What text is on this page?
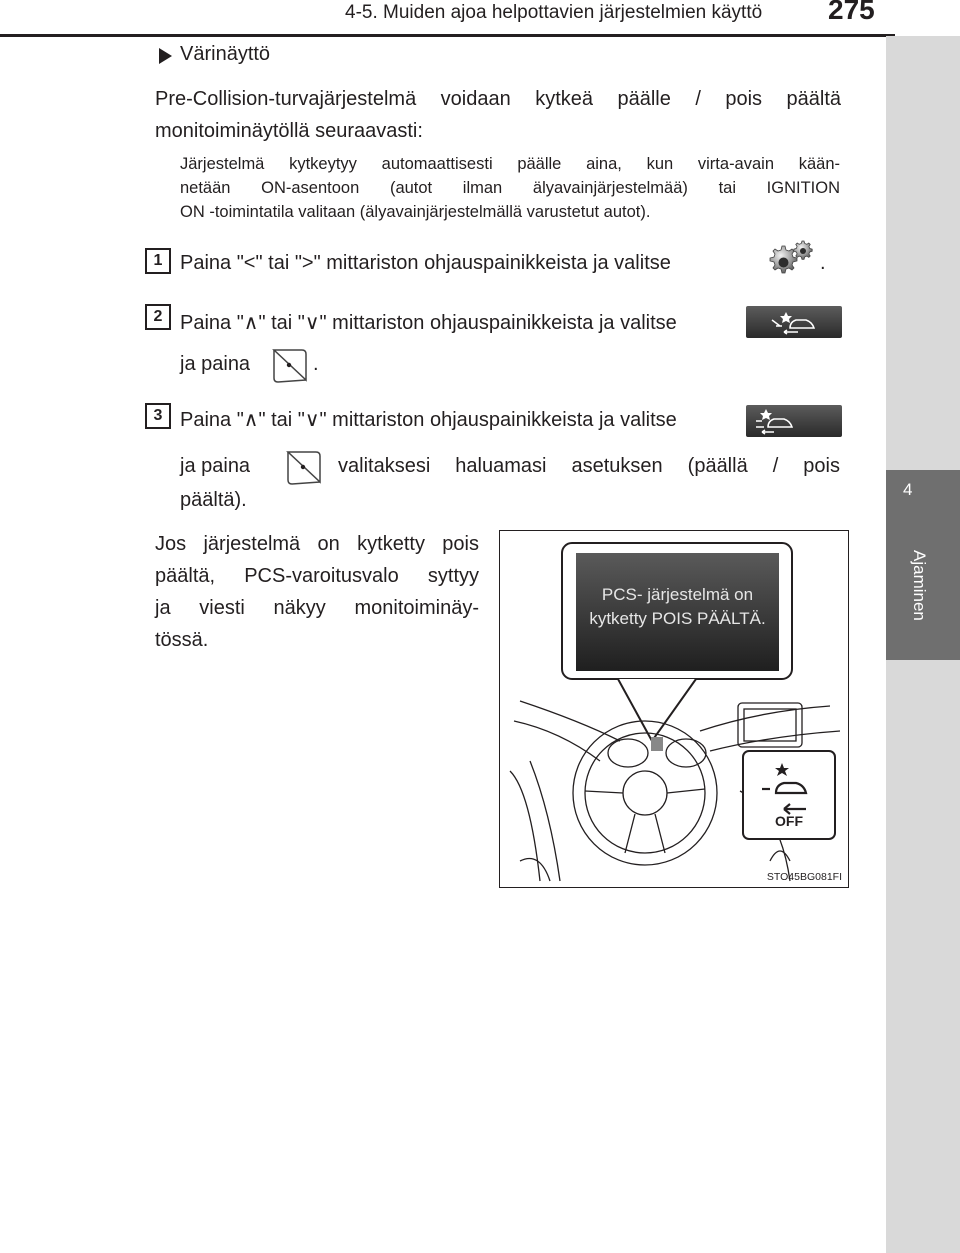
4-5. Muiden ajoa helpottavien järjestelmien käyttö 275
4
Ajaminen
Värinäyttö
Pre-Collision-turvajärjestelmä voidaan kytkeä päälle / pois päältä
monitoiminäytöllä seuraavasti:
Järjestelmä kytkeytyy automaattisesti päälle aina, kun virta-avain kään-
netään ON-asentoon (autot ilman älyavainjärjestelmää) tai IGNITION
ON -toimintatila valitaan (älyavainjärjestelmällä varustetut autot).
1 Paina "<" tai ">" mittariston ohjauspainikkeista ja valitse	.
2 Paina "∧" tai "∨" mittariston ohjauspainikkeista ja valitse
ja paina	.
3 Paina "∧" tai "∨" mittariston ohjauspainikkeista ja valitse
ja paina	valitaksesi haluamasi asetuksen (päällä / pois
päältä).
Jos järjestelmä on kytketty pois
päältä, PCS-varoitusvalo syttyy
ja viesti näkyy monitoiminäy-
tössä.
PCS- järjestelmä on
kytketty POIS PÄÄLTÄ.
OFF
STO45BG081FI
